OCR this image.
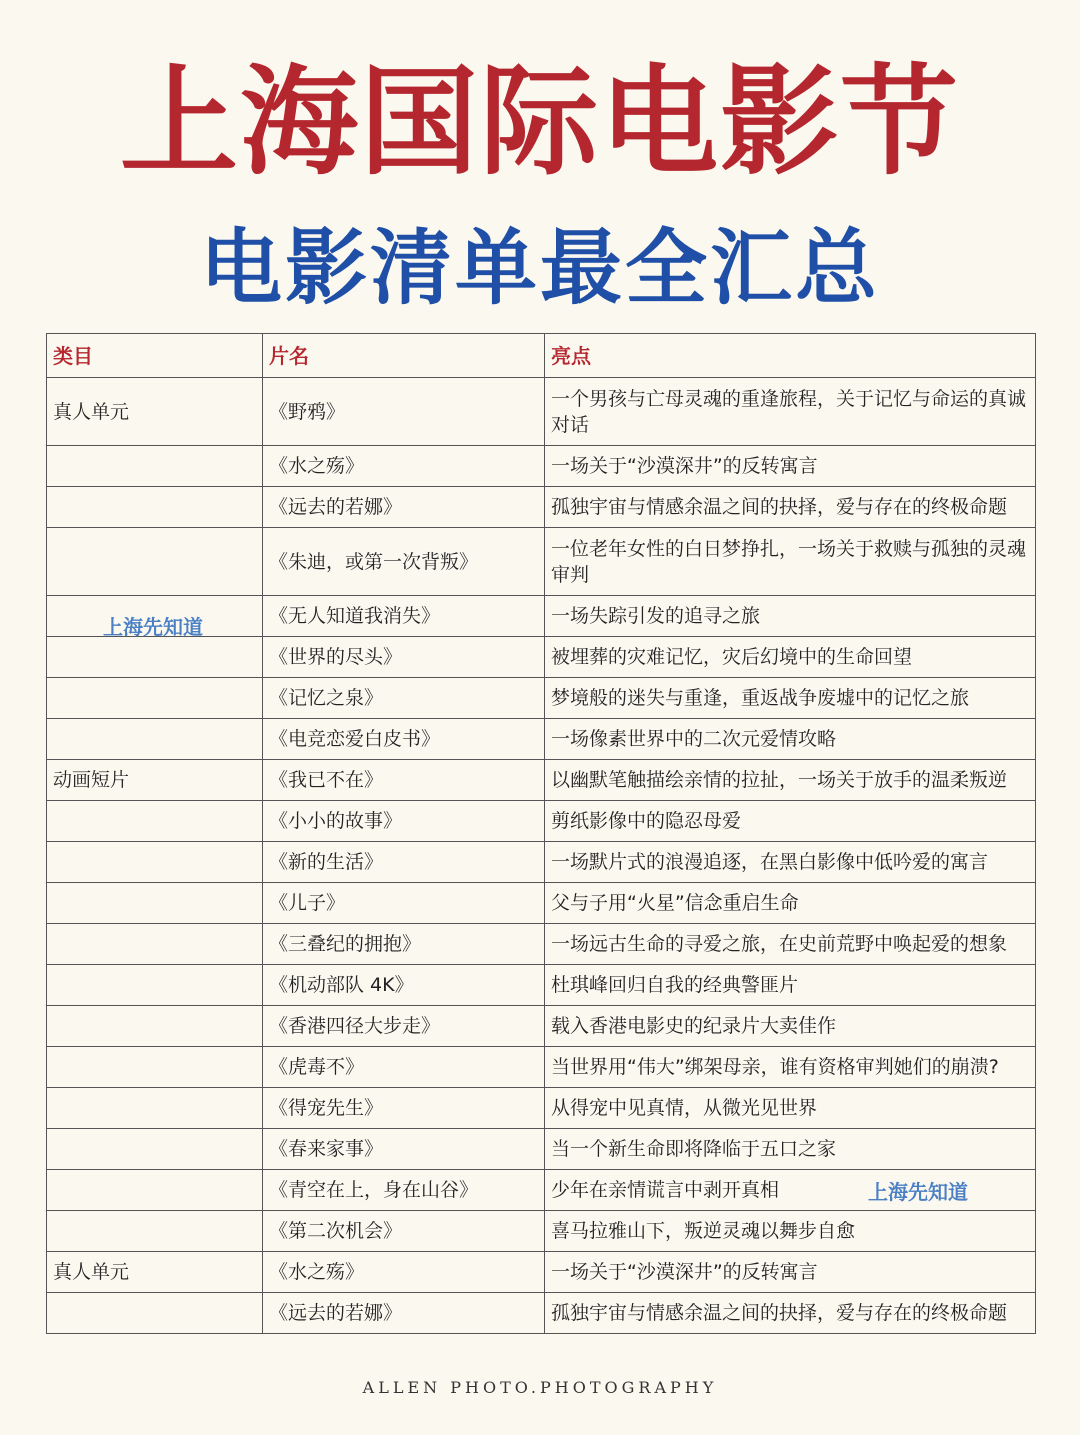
上海国际电影节
电影清单最全汇总
类目	片名	亮点
真人单元	《野鸦》	一个男孩与亡母灵魂的重逢旅程，关于记忆与命运的真诚对话
	《水之殇》	一场关于“沙漠深井”的反转寓言
	《远去的若娜》	孤独宇宙与情感余温之间的抉择，爱与存在的终极命题
	《朱迪，或第一次背叛》	一位老年女性的白日梦挣扎，一场关于救赎与孤独的灵魂审判
	《无人知道我消失》	一场失踪引发的追寻之旅
	《世界的尽头》	被埋葬的灾难记忆，灾后幻境中的生命回望
	《记忆之泉》	梦境般的迷失与重逢，重返战争废墟中的记忆之旅
	《电竞恋爱白皮书》	一场像素世界中的二次元爱情攻略
动画短片	《我已不在》	以幽默笔触描绘亲情的拉扯，一场关于放手的温柔叛逆
	《小小的故事》	剪纸影像中的隐忍母爱
	《新的生活》	一场默片式的浪漫追逐，在黑白影像中低吟爱的寓言
	《儿子》	父与子用“火星”信念重启生命
	《三叠纪的拥抱》	一场远古生命的寻爱之旅，在史前荒野中唤起爱的想象
	《机动部队 4K》	杜琪峰回归自我的经典警匪片
	《香港四径大步走》	载入香港电影史的纪录片大卖佳作
	《虎毒不》	当世界用“伟大”绑架母亲，谁有资格审判她们的崩溃?
	《得宠先生》	从得宠中见真情，从微光见世界
	《春来家事》	当一个新生命即将降临于五口之家
	《青空在上，身在山谷》	少年在亲情谎言中剥开真相
	《第二次机会》	喜马拉雅山下，叛逆灵魂以舞步自愈
真人单元	《水之殇》	一场关于“沙漠深井”的反转寓言
	《远去的若娜》	孤独宇宙与情感余温之间的抉择，爱与存在的终极命题
上海先知道
上海先知道
ALLEN PHOTO.PHOTOGRAPHY
